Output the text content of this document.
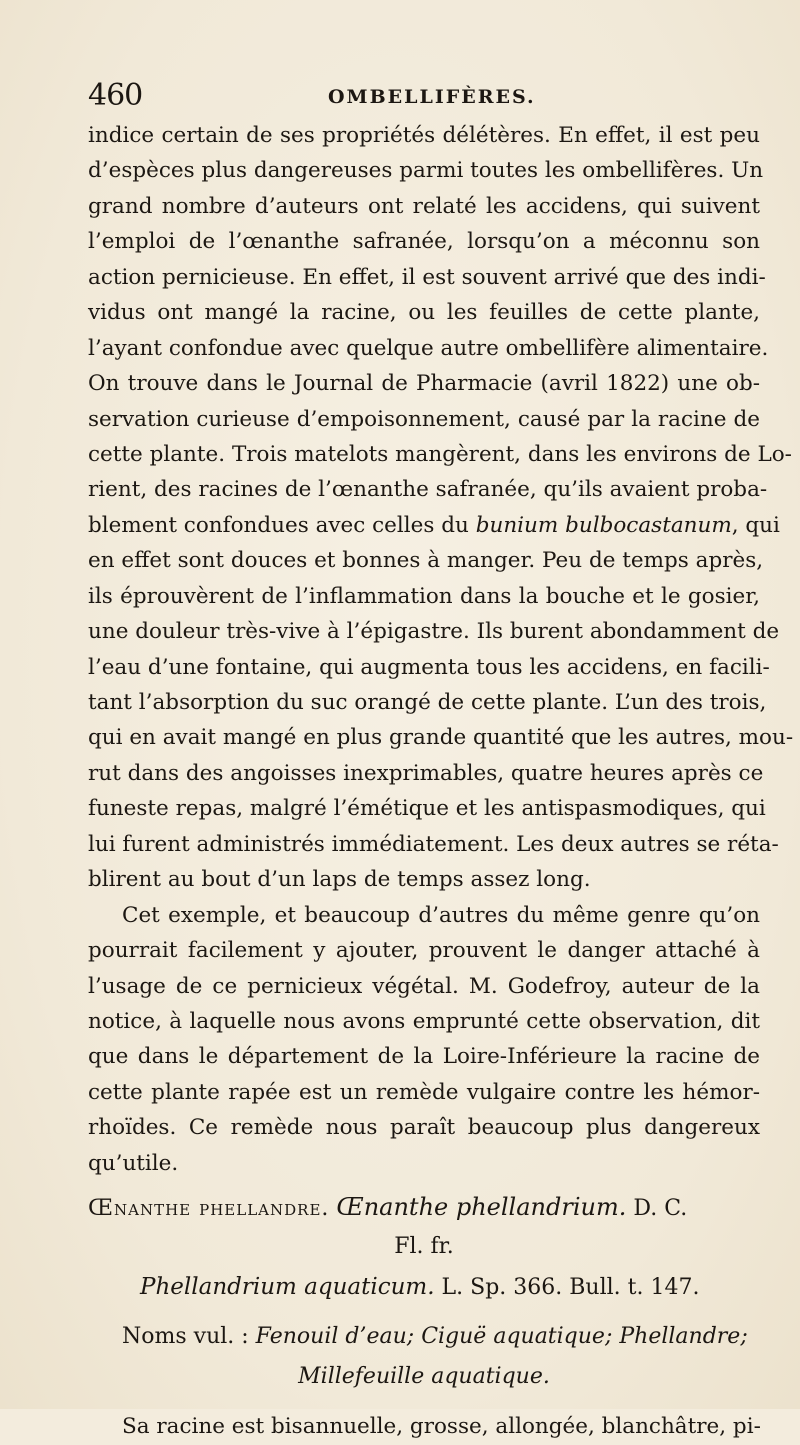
460	OMBELLIFÈRES.
indice certain de ses propriétés délétères. En effet, il est peu
d’espèces plus dangereuses parmi toutes les ombellifères. Un
grand nombre d’auteurs ont relaté les accidens, qui suivent
l’emploi de l’œnanthe safranée, lorsqu’on a méconnu son
action pernicieuse. En effet, il est souvent arrivé que des indi-
vidus ont mangé la racine, ou les feuilles de cette plante,
l’ayant confondue avec quelque autre ombellifère alimentaire.
On trouve dans le Journal de Pharmacie (avril 1822) une ob-
servation curieuse d’empoisonnement, causé par la racine de
cette plante. Trois matelots mangèrent, dans les environs de Lo-
rient, des racines de l’œnanthe safranée, qu’ils avaient proba-
blement confondues avec celles du bunium bulbocastanum, qui
en effet sont douces et bonnes à manger. Peu de temps après,
ils éprouvèrent de l’inflammation dans la bouche et le gosier,
une douleur très-vive à l’épigastre. Ils burent abondamment de
l’eau d’une fontaine, qui augmenta tous les accidens, en facili-
tant l’absorption du suc orangé de cette plante. L’un des trois,
qui en avait mangé en plus grande quantité que les autres, mou-
rut dans des angoisses inexprimables, quatre heures après ce
funeste repas, malgré l’émétique et les antispasmodiques, qui
lui furent administrés immédiatement. Les deux autres se réta-
blirent au bout d’un laps de temps assez long.
Cet exemple, et beaucoup d’autres du même genre qu’on
pourrait facilement y ajouter, prouvent le danger attaché à
l’usage de ce pernicieux végétal. M. Godefroy, auteur de la
notice, à laquelle nous avons emprunté cette observation, dit
que dans le département de la Loire-Inférieure la racine de
cette plante rapée est un remède vulgaire contre les hémor-
rhoïdes. Ce remède nous paraît beaucoup plus dangereux
qu’utile.
Œnanthe phellandre. Œnanthe phellandrium. D. C.
Fl. fr.
Phellandrium aquaticum. L. Sp. 366. Bull. t. 147.
Noms vul. : Fenouil d’eau; Ciguë aquatique; Phellandre;
Millefeuille aquatique.
Sa racine est bisannuelle, grosse, allongée, blanchâtre, pi-
